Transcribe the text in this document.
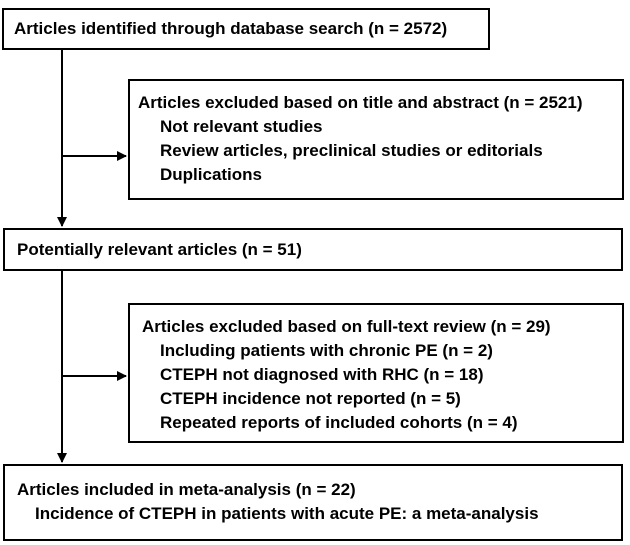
Articles identified through database search (n = 2572)
Articles excluded based on title and abstract (n = 2521)
Not relevant studies
Review articles, preclinical studies or editorials
Duplications
Potentially relevant articles (n = 51)
Articles excluded based on full-text review (n = 29)
Including patients with chronic PE (n = 2)
CTEPH not diagnosed with RHC (n = 18)
CTEPH incidence not reported (n = 5)
Repeated reports of included cohorts (n = 4)
Articles included in meta-analysis (n = 22)
Incidence of CTEPH in patients with acute PE: a meta-analysis
